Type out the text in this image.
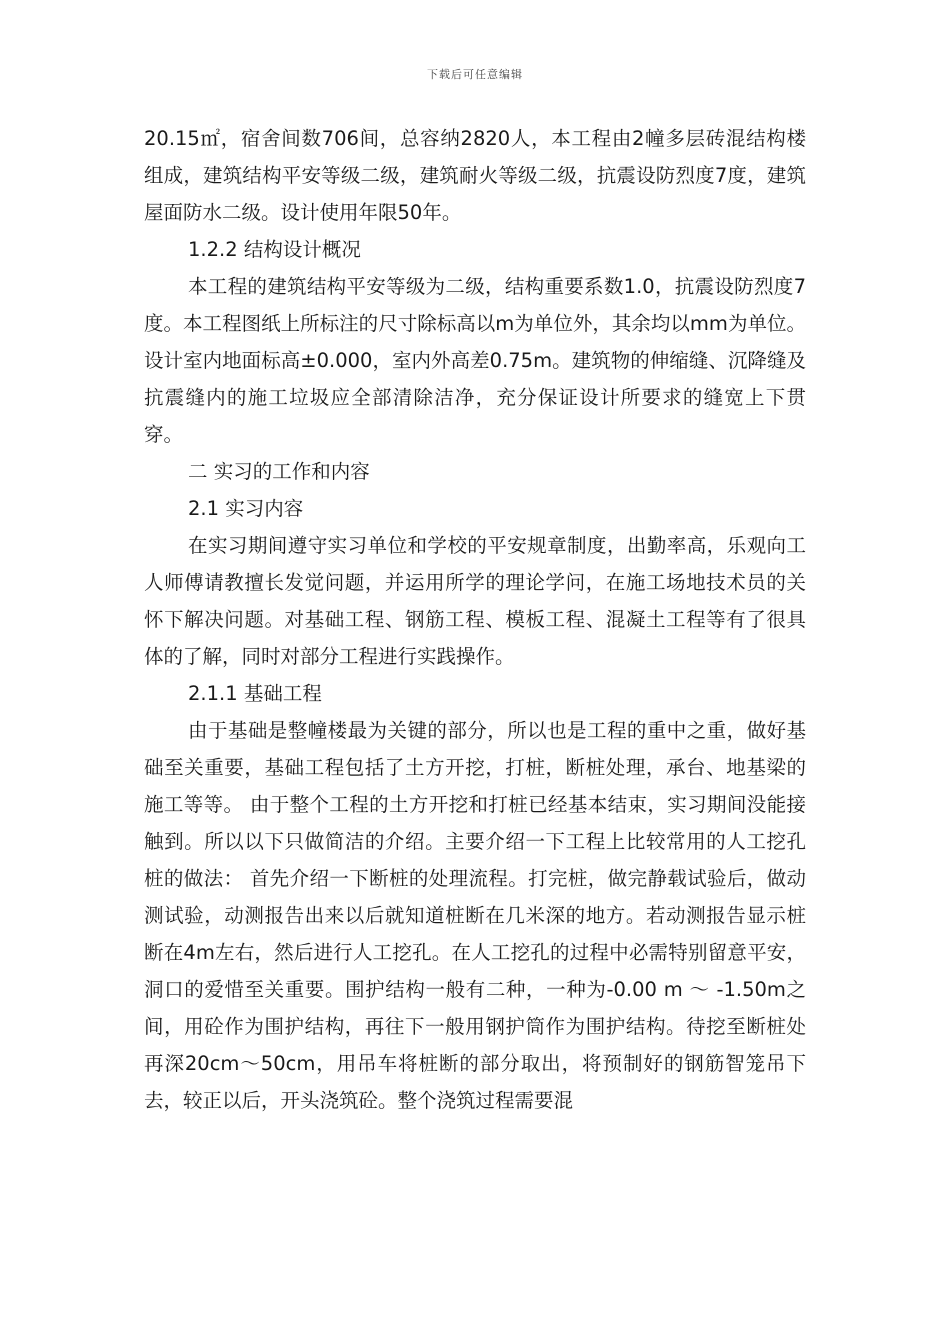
下载后可任意编辑

20.15㎡，宿舍间数706间，总容纳2820人，本工程由2幢多层砖混结构楼组成，建筑结构平安等级二级，建筑耐火等级二级，抗震设防烈度7度，建筑屋面防水二级。设计使用年限50年。

1.2.2 结构设计概况

本工程的建筑结构平安等级为二级，结构重要系数1.0，抗震设防烈度7度。本工程图纸上所标注的尺寸除标高以m为单位外，其余均以mm为单位。设计室内地面标高±0.000，室内外高差0.75m。建筑物的伸缩缝、沉降缝及抗震缝内的施工垃圾应全部清除洁净，充分保证设计所要求的缝宽上下贯穿。

二 实习的工作和内容

2.1 实习内容

在实习期间遵守实习单位和学校的平安规章制度，出勤率高，乐观向工人师傅请教擅长发觉问题，并运用所学的理论学问，在施工场地技术员的关怀下解决问题。对基础工程、钢筋工程、模板工程、混凝土工程等有了很具体的了解，同时对部分工程进行实践操作。

2.1.1 基础工程

由于基础是整幢楼最为关键的部分，所以也是工程的重中之重，做好基础至关重要，基础工程包括了土方开挖，打桩，断桩处理，承台、地基梁的施工等等。 由于整个工程的土方开挖和打桩已经基本结束，实习期间没能接触到。所以以下只做简洁的介绍。主要介绍一下工程上比较常用的人工挖孔桩的做法： 首先介绍一下断桩的处理流程。打完桩，做完静载试验后，做动测试验，动测报告出来以后就知道桩断在几米深的地方。若动测报告显示桩断在4m左右，然后进行人工挖孔。在人工挖孔的过程中必需特别留意平安，洞口的爱惜至关重要。围护结构一般有二种，一种为-0.00 m ～ -1.50m之间，用砼作为围护结构，再往下一般用钢护筒作为围护结构。待挖至断桩处再深20cm～50cm，用吊车将桩断的部分取出，将预制好的钢筋智笼吊下去，较正以后，开头浇筑砼。整个浇筑过程需要混
